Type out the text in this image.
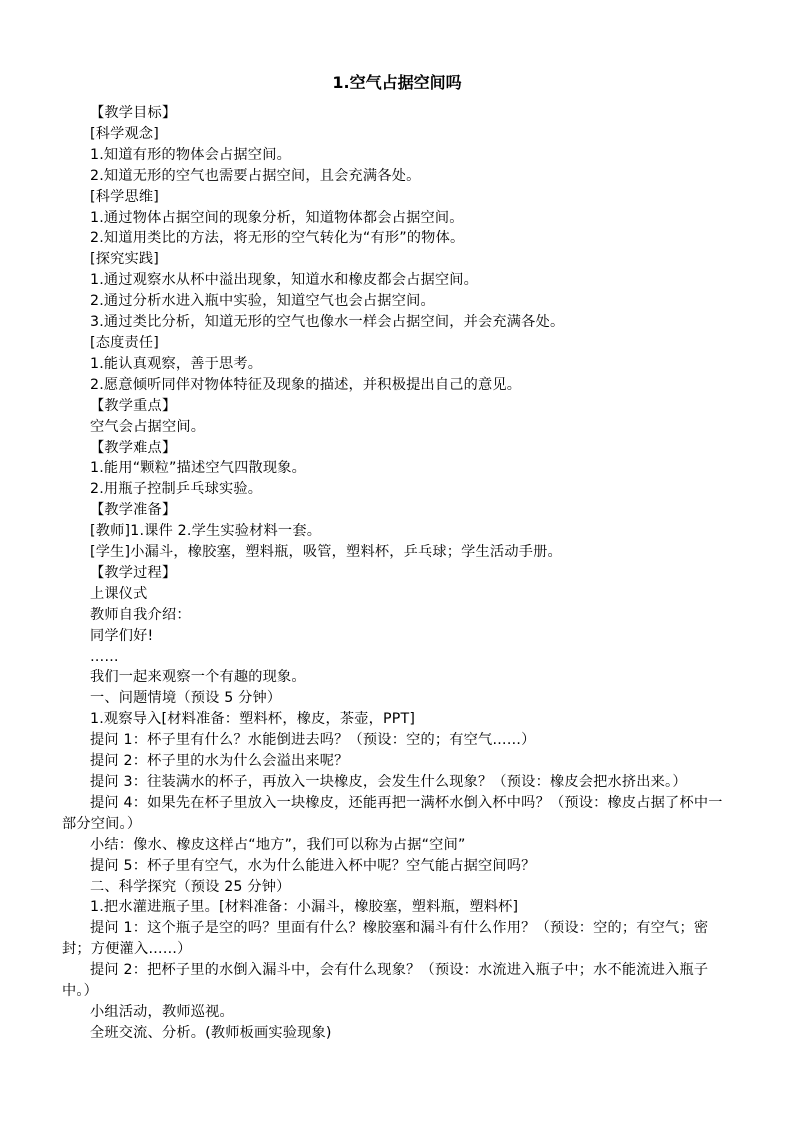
1.空气占据空间吗
【教学目标】
[科学观念]
1.知道有形的物体会占据空间。
2.知道无形的空气也需要占据空间，且会充满各处。
[科学思维]
1.通过物体占据空间的现象分析，知道物体都会占据空间。
2.知道用类比的方法，将无形的空气转化为“有形”的物体。
[探究实践]
1.通过观察水从杯中溢出现象，知道水和橡皮都会占据空间。
2.通过分析水进入瓶中实验，知道空气也会占据空间。
3.通过类比分析，知道无形的空气也像水一样会占据空间，并会充满各处。
[态度责任]
1.能认真观察，善于思考。
2.愿意倾听同伴对物体特征及现象的描述，并积极提出自己的意见。
【教学重点】
空气会占据空间。
【教学难点】
1.能用“颗粒”描述空气四散现象。
2.用瓶子控制乒乓球实验。
【教学准备】
[教师]1.课件 2.学生实验材料一套。
[学生]小漏斗，橡胶塞，塑料瓶，吸管，塑料杯，乒乓球；学生活动手册。
【教学过程】
上课仪式
教师自我介绍：
同学们好!
……
我们一起来观察一个有趣的现象。
一、问题情境（预设 5 分钟）
1.观察导入[材料准备：塑料杯，橡皮，茶壶，PPT]
提问 1：杯子里有什么？水能倒进去吗？（预设：空的；有空气……）
提问 2：杯子里的水为什么会溢出来呢？
提问 3：往装满水的杯子，再放入一块橡皮，会发生什么现象？（预设：橡皮会把水挤出来。）
提问 4：如果先在杯子里放入一块橡皮，还能再把一满杯水倒入杯中吗？（预设：橡皮占据了杯中一部分空间。）
小结：像水、橡皮这样占“地方”，我们可以称为占据“空间”
提问 5：杯子里有空气，水为什么能进入杯中呢？空气能占据空间吗？
二、科学探究（预设 25 分钟）
1.把水灌进瓶子里。[材料准备：小漏斗，橡胶塞，塑料瓶，塑料杯]
提问 1：这个瓶子是空的吗？里面有什么？橡胶塞和漏斗有什么作用？（预设：空的；有空气；密封；方便灌入……）
提问 2：把杯子里的水倒入漏斗中，会有什么现象？（预设：水流进入瓶子中；水不能流进入瓶子中。）
小组活动，教师巡视。
全班交流、分析。(教师板画实验现象)
